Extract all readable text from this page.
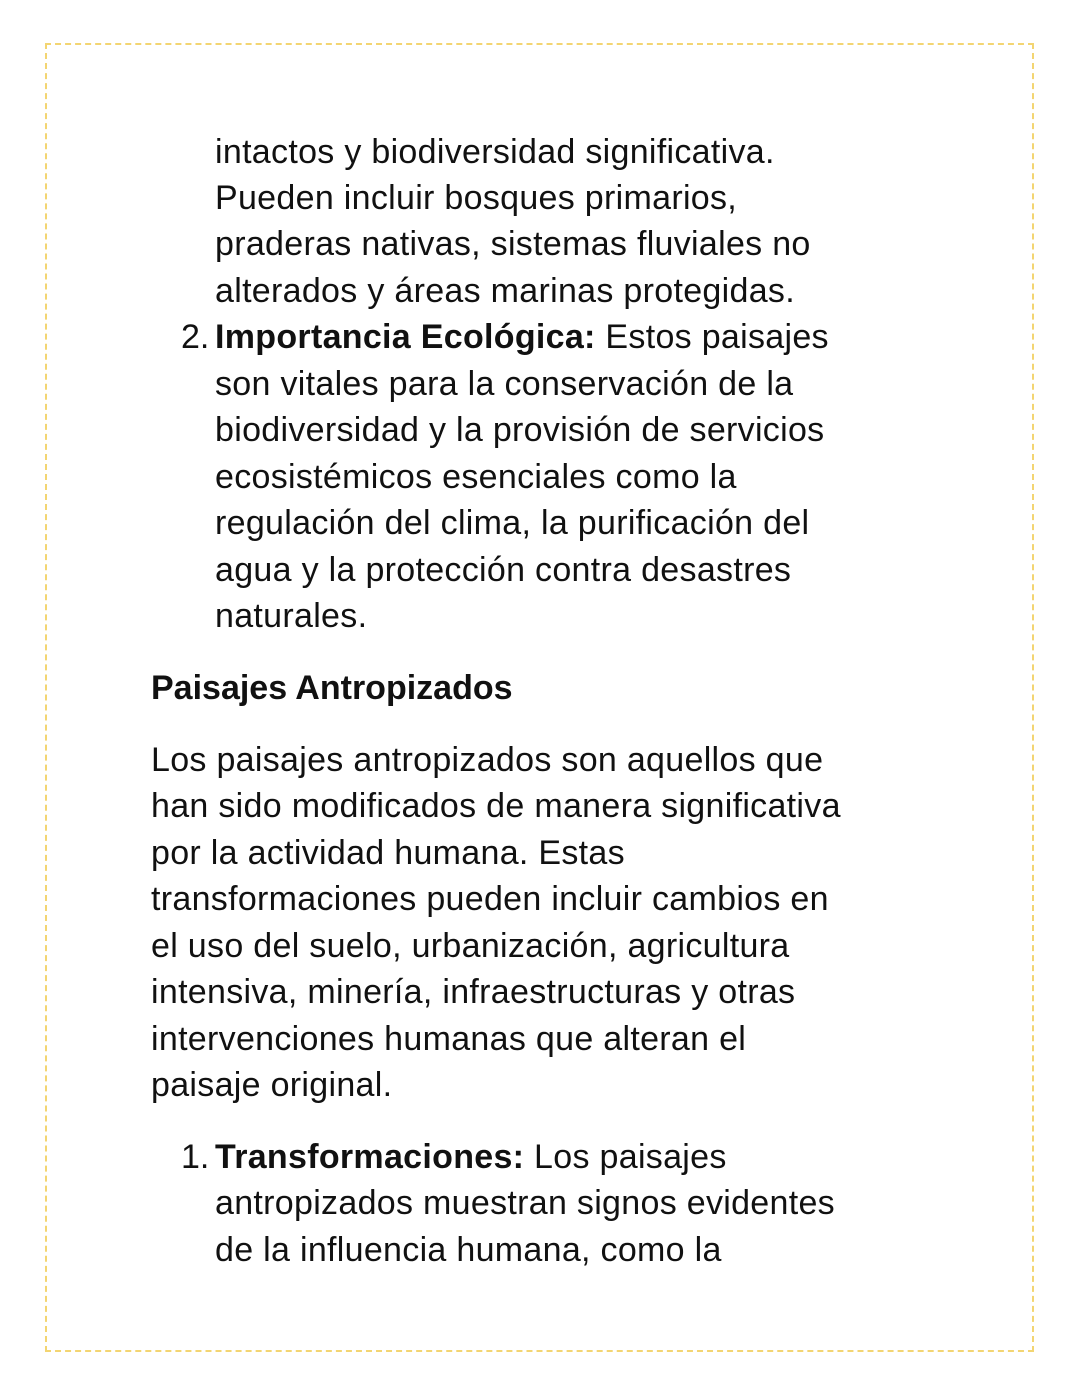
intactos y biodiversidad significativa.
Pueden incluir bosques primarios,
praderas nativas, sistemas fluviales no
alterados y áreas marinas protegidas.
2. Importancia Ecológica: Estos paisajes
son vitales para la conservación de la
biodiversidad y la provisión de servicios
ecosistémicos esenciales como la
regulación del clima, la purificación del
agua y la protección contra desastres
naturales.
Paisajes Antropizados
Los paisajes antropizados son aquellos que
han sido modificados de manera significativa
por la actividad humana. Estas
transformaciones pueden incluir cambios en
el uso del suelo, urbanización, agricultura
intensiva, minería, infraestructuras y otras
intervenciones humanas que alteran el
paisaje original.
1. Transformaciones: Los paisajes
antropizados muestran signos evidentes
de la influencia humana, como la
